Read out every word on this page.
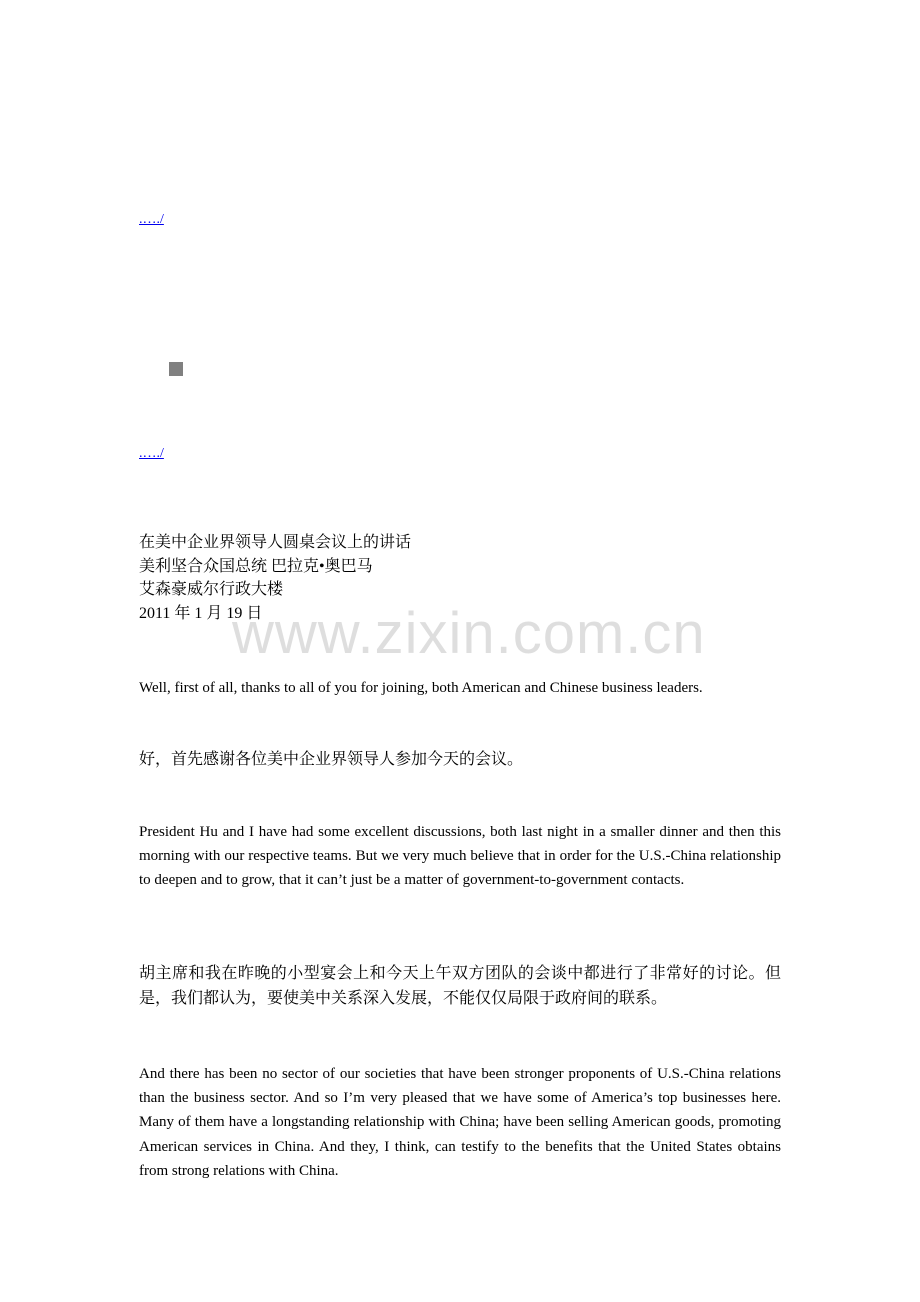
.…./
.…./
www.zixin.com.cn
在美中企业界领导人圆桌会议上的讲话
美利坚合众国总统 巴拉克•奥巴马
艾森豪威尔行政大楼
2011 年 1 月 19 日

Well, first of all, thanks to all of you for joining, both American and Chinese business leaders.

好，首先感谢各位美中企业界领导人参加今天的会议。

President Hu and I have had some excellent discussions, both last night in a smaller dinner and then this morning with our respective teams. But we very much believe that in order for the U.S.-China relationship to deepen and to grow, that it can’t just be a matter of government-to-government contacts.

胡主席和我在昨晚的小型宴会上和今天上午双方团队的会谈中都进行了非常好的讨论。但是，我们都认为，要使美中关系深入发展，不能仅仅局限于政府间的联系。

And there has been no sector of our societies that have been stronger proponents of U.S.-China relations than the business sector. And so I’m very pleased that we have some of America’s top businesses here. Many of them have a longstanding relationship with China; have been selling American goods, promoting American services in China. And they, I think, can testify to the benefits that the United States obtains from strong relations with China.
